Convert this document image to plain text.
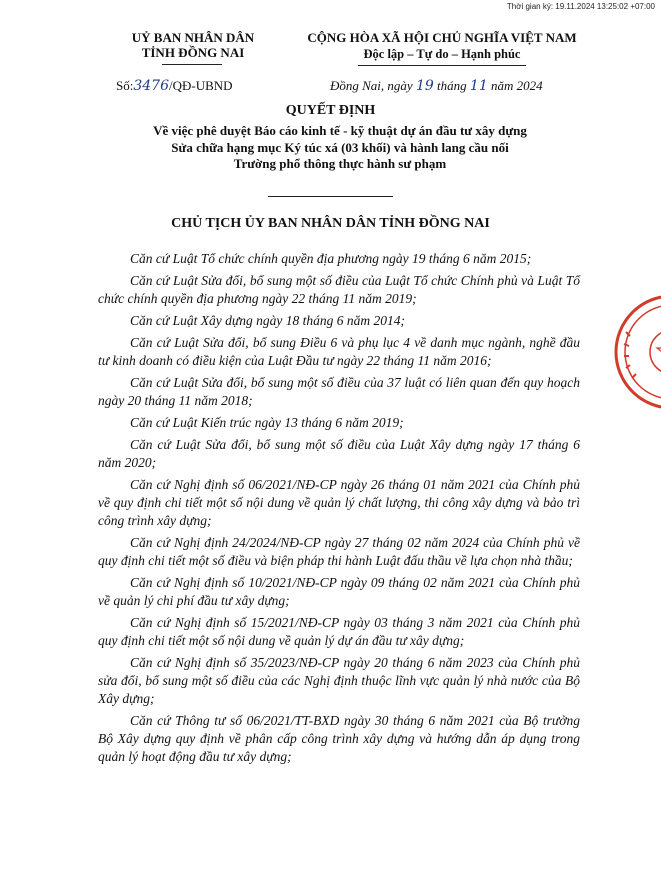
Thời gian ký: 19.11.2024 13:25:02 +07:00
UỶ BAN NHÂN DÂN
TỈNH ĐỒNG NAI
CỘNG HÒA XÃ HỘI CHỦ NGHĨA VIỆT NAM
Độc lập – Tự do – Hạnh phúc
Số:3476/QĐ-UBND	Đồng Nai, ngày 19 tháng 11 năm 2024
QUYẾT ĐỊNH
Về việc phê duyệt Báo cáo kinh tế - kỹ thuật dự án đầu tư xây dựng
Sửa chữa hạng mục Ký túc xá (03 khối) và hành lang cầu nối
Trường phổ thông thực hành sư phạm
CHỦ TỊCH ỦY BAN NHÂN DÂN TỈNH ĐỒNG NAI

Căn cứ Luật Tổ chức chính quyền địa phương ngày 19 tháng 6 năm 2015;

Căn cứ Luật Sửa đổi, bổ sung một số điều của Luật Tổ chức Chính phủ và Luật Tổ chức chính quyền địa phương ngày 22 tháng 11 năm 2019;

Căn cứ Luật Xây dựng ngày 18 tháng 6 năm 2014;

Căn cứ Luật Sửa đổi, bổ sung Điều 6 và phụ lục 4 về danh mục ngành, nghề đầu tư kinh doanh có điều kiện của Luật Đầu tư ngày 22 tháng 11 năm 2016;

Căn cứ Luật Sửa đổi, bổ sung một số điều của 37 luật có liên quan đến quy hoạch ngày 20 tháng 11 năm 2018;

Căn cứ Luật Kiến trúc ngày 13 tháng 6 năm 2019;

Căn cứ Luật Sửa đổi, bổ sung một số điều của Luật Xây dựng ngày 17 tháng 6 năm 2020;

Căn cứ Nghị định số 06/2021/NĐ-CP ngày 26 tháng 01 năm 2021 của Chính phủ về quy định chi tiết một số nội dung về quản lý chất lượng, thi công xây dựng và bảo trì công trình xây dựng;

Căn cứ Nghị định 24/2024/NĐ-CP ngày 27 tháng 02 năm 2024 của Chính phủ về quy định chi tiết một số điều và biện pháp thi hành Luật đấu thầu về lựa chọn nhà thầu;

Căn cứ Nghị định số 10/2021/NĐ-CP ngày 09 tháng 02 năm 2021 của Chính phủ về quản lý chi phí đầu tư xây dựng;

Căn cứ Nghị định số 15/2021/NĐ-CP ngày 03 tháng 3 năm 2021 của Chính phủ quy định chi tiết một số nội dung về quản lý dự án đầu tư xây dựng;

Căn cứ Nghị định số 35/2023/NĐ-CP ngày 20 tháng 6 năm 2023 của Chính phủ sửa đổi, bổ sung một số điều của các Nghị định thuộc lĩnh vực quản lý nhà nước của Bộ Xây dựng;

Căn cứ Thông tư số 06/2021/TT-BXD ngày 30 tháng 6 năm 2021 của Bộ trưởng Bộ Xây dựng quy định về phân cấp công trình xây dựng và hướng dẫn áp dụng trong quản lý hoạt động đầu tư xây dựng;
